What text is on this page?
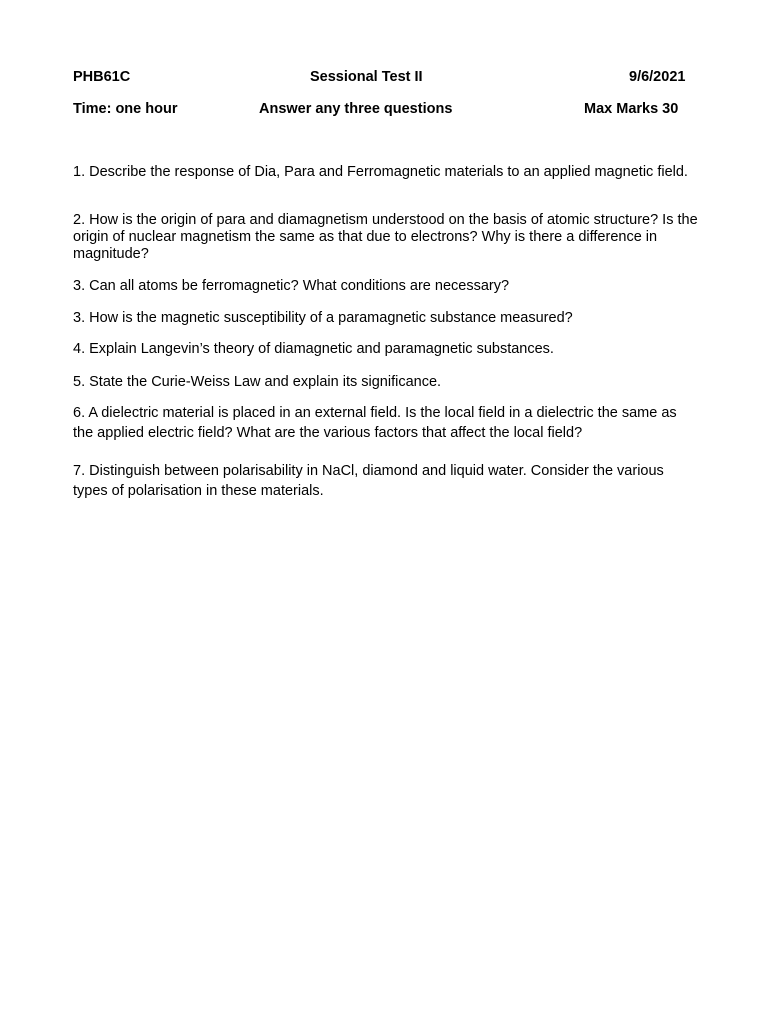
PHB61C	Sessional Test II	9/6/2021
Time: one hour	Answer any three questions	Max Marks 30
1. Describe the response of Dia, Para and Ferromagnetic materials to an applied magnetic field.
2. How is the origin of para and diamagnetism understood on the basis of atomic structure? Is the origin of nuclear magnetism the same as that due to electrons? Why is there a difference in magnitude?
3. Can all atoms be ferromagnetic? What conditions are necessary?
3. How is the magnetic susceptibility of a paramagnetic substance measured?
4. Explain Langevin’s theory of diamagnetic and paramagnetic substances.
5. State the Curie-Weiss Law and explain its significance.
6. A dielectric material is placed in an external field. Is the local field in a dielectric the same as the applied electric field? What are the various factors that affect the local field?
7. Distinguish between polarisability in NaCl, diamond and liquid water. Consider the various types of polarisation in these materials.
